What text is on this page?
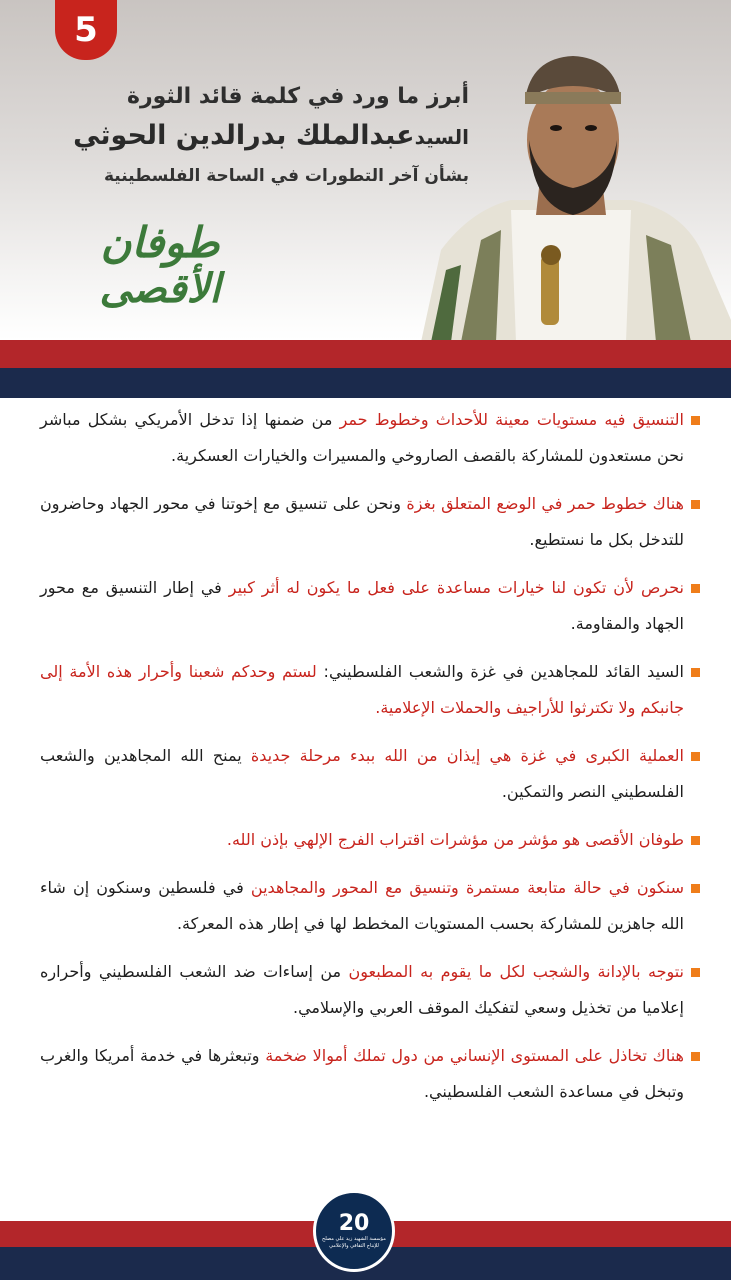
5
أبرز ما ورد في كلمة قائد الثورة
السيدعبدالملك بدرالدين الحوثي
بشأن آخر التطورات في الساحة الفلسطينية
طوفان
الأقصى

التنسيق فيه مستويات معينة للأحداث وخطوط حمر من ضمنها إذا تدخل الأمريكي بشكل مباشر نحن مستعدون للمشاركة بالقصف الصاروخي والمسيرات والخيارات العسكرية.

هناك خطوط حمر في الوضع المتعلق بغزة ونحن على تنسيق مع إخوتنا في محور الجهاد وحاضرون للتدخل بكل ما نستطيع.

نحرص لأن تكون لنا خيارات مساعدة على فعل ما يكون له أثر كبير في إطار التنسيق مع محور الجهاد والمقاومة.

السيد القائد للمجاهدين في غزة والشعب الفلسطيني: لستم وحدكم شعبنا وأحرار هذه الأمة إلى جانبكم ولا تكترثوا للأراجيف والحملات الإعلامية.

العملية الكبرى في غزة هي إيذان من الله ببدء مرحلة جديدة يمنح الله المجاهدين والشعب الفلسطيني النصر والتمكين.

طوفان الأقصى هو مؤشر من مؤشرات اقتراب الفرج الإلهي بإذن الله.

سنكون في حالة متابعة مستمرة وتنسيق مع المحور والمجاهدين في فلسطين وسنكون إن شاء الله جاهزين للمشاركة بحسب المستويات المخطط لها في إطار هذه المعركة.

نتوجه بالإدانة والشجب لكل ما يقوم به المطبعون من إساءات ضد الشعب الفلسطيني وأحراره إعلاميا من تخذيل وسعي لتفكيك الموقف العربي والإسلامي.

هناك تخاذل على المستوى الإنساني من دول تملك أموالا ضخمة وتبعثرها في خدمة أمريكا والغرب وتبخل في مساعدة الشعب الفلسطيني.

20
مؤسسة الشهيد زيد علي مصلح للإنتاج الثقافي والإعلامي
